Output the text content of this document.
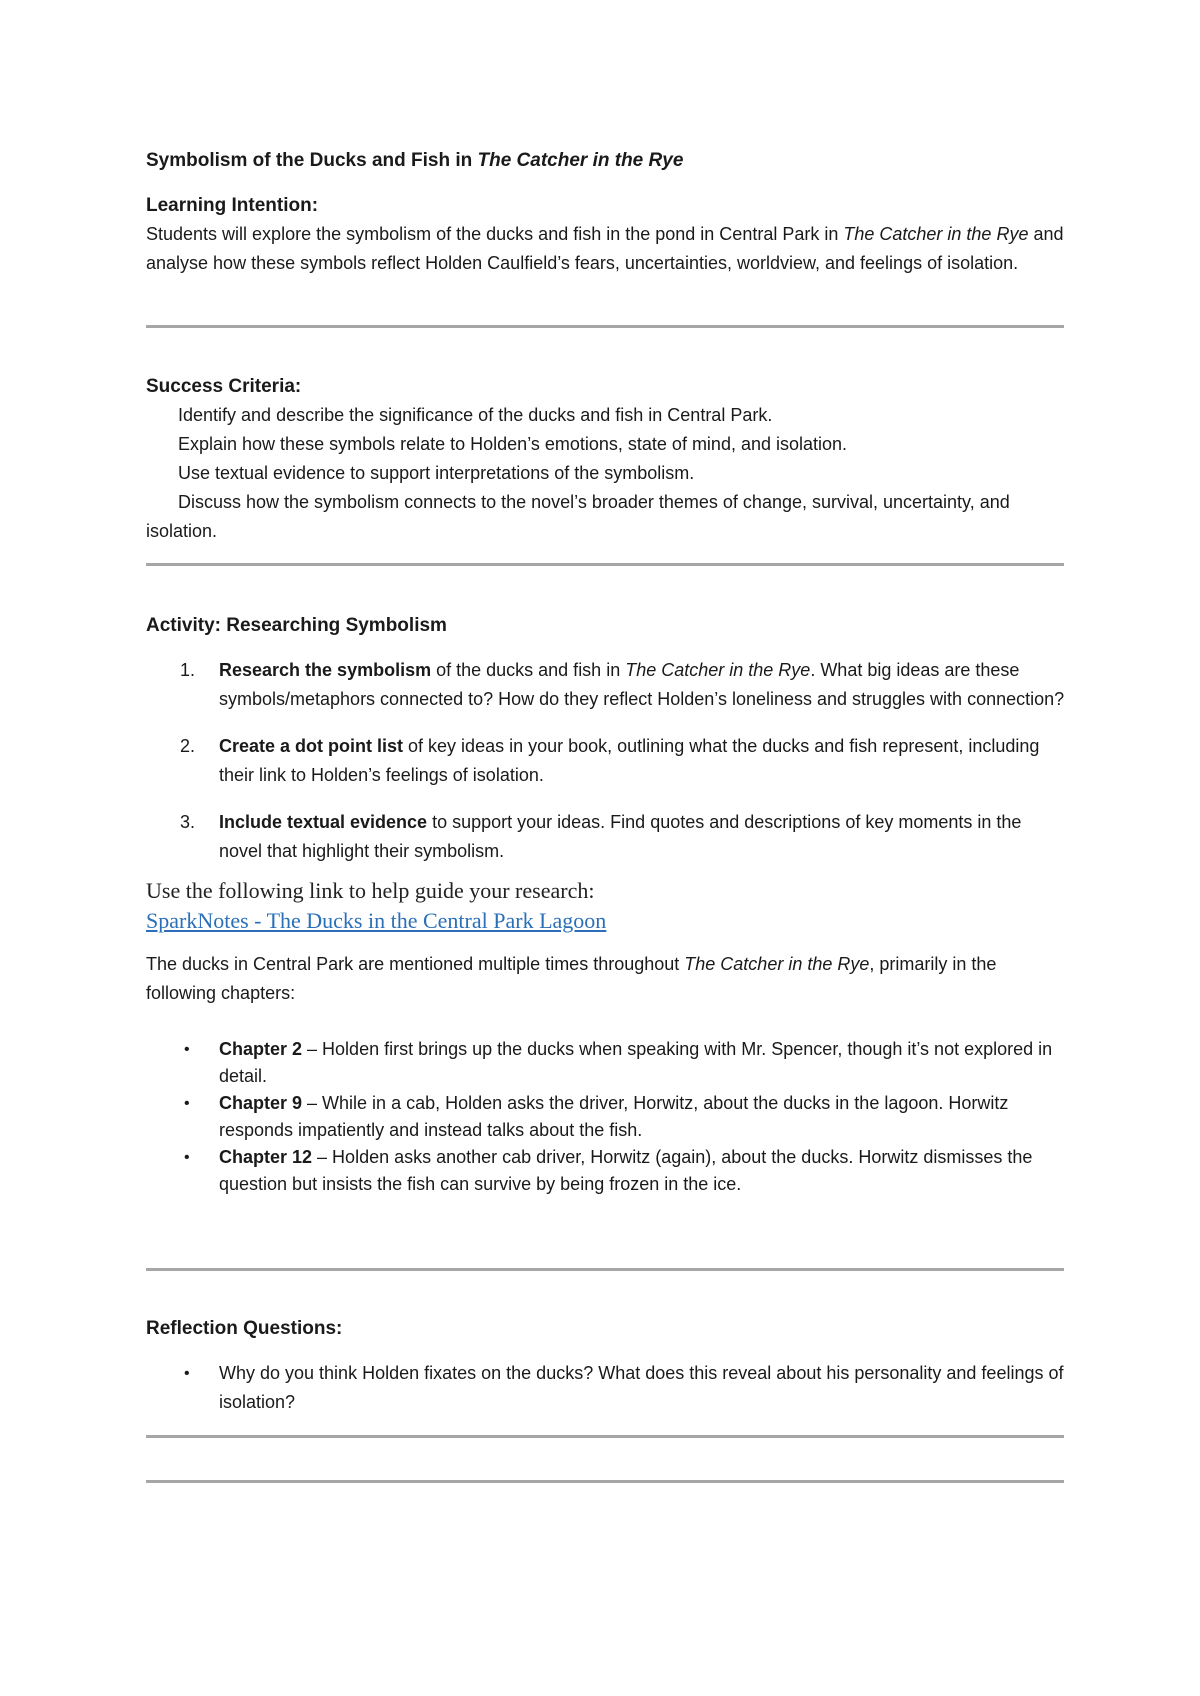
Symbolism of the Ducks and Fish in The Catcher in the Rye

Learning Intention:

Students will explore the symbolism of the ducks and fish in the pond in Central Park in The Catcher in the Rye and analyse how these symbols reflect Holden Caulfield’s fears, uncertainties, worldview, and feelings of isolation.

Success Criteria:

Identify and describe the significance of the ducks and fish in Central Park.

Explain how these symbols relate to Holden’s emotions, state of mind, and isolation.

Use textual evidence to support interpretations of the symbolism.

Discuss how the symbolism connects to the novel’s broader themes of change, survival, uncertainty, and isolation.

Activity: Researching Symbolism

1. Research the symbolism of the ducks and fish in The Catcher in the Rye. What big ideas are these symbols/metaphors connected to? How do they reflect Holden’s loneliness and struggles with connection?
2. Create a dot point list of key ideas in your book, outlining what the ducks and fish represent, including their link to Holden’s feelings of isolation.
3. Include textual evidence to support your ideas. Find quotes and descriptions of key moments in the novel that highlight their symbolism.

Use the following link to help guide your research:

SparkNotes - The Ducks in the Central Park Lagoon

The ducks in Central Park are mentioned multiple times throughout The Catcher in the Rye, primarily in the following chapters:

• Chapter 2 – Holden first brings up the ducks when speaking with Mr. Spencer, though it’s not explored in detail.
• Chapter 9 – While in a cab, Holden asks the driver, Horwitz, about the ducks in the lagoon. Horwitz responds impatiently and instead talks about the fish.
• Chapter 12 – Holden asks another cab driver, Horwitz (again), about the ducks. Horwitz dismisses the question but insists the fish can survive by being frozen in the ice.

Reflection Questions:

• Why do you think Holden fixates on the ducks? What does this reveal about his personality and feelings of isolation?
